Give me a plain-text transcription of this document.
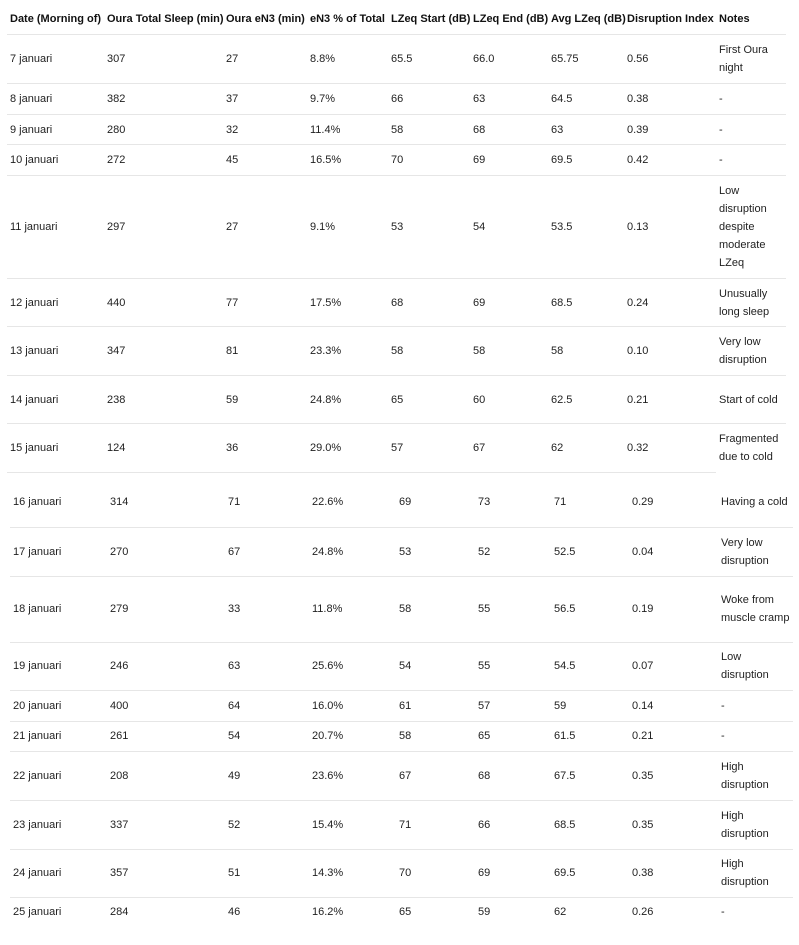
Date (Morning of)	Oura Total Sleep (min)	Oura eN3 (min)	eN3 % of Total	LZeq Start (dB)	LZeq End (dB)	Avg LZeq (dB)	Disruption Index	Notes
7 januari	307	27	8.8%	65.5	66.0	65.75	0.56	First Oura night
8 januari	382	37	9.7%	66	63	64.5	0.38	-
9 januari	280	32	11.4%	58	68	63	0.39	-
10 januari	272	45	16.5%	70	69	69.5	0.42	-
11 januari	297	27	9.1%	53	54	53.5	0.13	Low disruption despite moderate LZeq
12 januari	440	77	17.5%	68	69	68.5	0.24	Unusually long sleep
13 januari	347	81	23.3%	58	58	58	0.10	Very low disruption
14 januari	238	59	24.8%	65	60	62.5	0.21	Start of cold
15 januari	124	36	29.0%	57	67	62	0.32	Fragmented due to cold
16 januari	314	71	22.6%	69	73	71	0.29	Having a cold
17 januari	270	67	24.8%	53	52	52.5	0.04	Very low disruption
18 januari	279	33	11.8%	58	55	56.5	0.19	Woke from muscle cramp
19 januari	246	63	25.6%	54	55	54.5	0.07	Low disruption
20 januari	400	64	16.0%	61	57	59	0.14	-
21 januari	261	54	20.7%	58	65	61.5	0.21	-
22 januari	208	49	23.6%	67	68	67.5	0.35	High disruption
23 januari	337	52	15.4%	71	66	68.5	0.35	High disruption
24 januari	357	51	14.3%	70	69	69.5	0.38	High disruption
25 januari	284	46	16.2%	65	59	62	0.26	-
